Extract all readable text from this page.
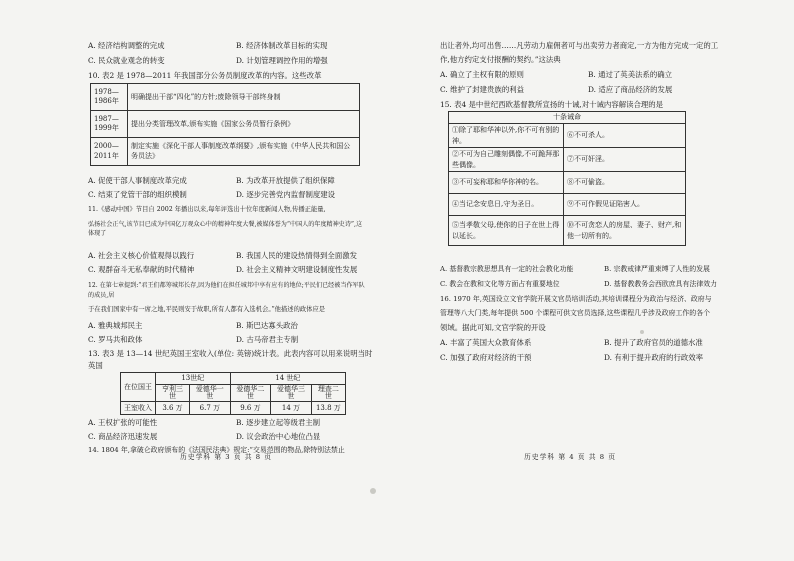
A. 经济结构调整的完成	B. 经济体制改革目标的实现
C. 民众就业观念的转变	D. 计划管理调控作用的增强
10. 表2 是 1978—2011 年我国部分公务员制度改革的内容。这些改革
1978—1986年	明确提出干部“四化”的方针;废除领导干部终身制
1987—1999年	提出分类管理改革,颁布实施《国家公务员暂行条例》
2000—2011年	制定实施《深化干部人事制度改革纲要》,颁布实施《中华人民共和国公务员法》
A. 促使干部人事制度改革完成	B. 为改革开放提供了组织保障
C. 结束了党管干部的组织模制	D. 逐步完善党内监督制度建设
11.《感动中国》节目自 2002 年播出以来,每年评选出十位年度新闻人物,传播正能量,
弘扬社会正气,该节目已成为中国亿万观众心中的精神年度大餐,被媒体誉为“中国人的年度精神史诗”,这体现了
A. 社会主义核心价值观得以践行	B. 我国人民的建设热情得到全面激发
C. 观群奋斗无私奉献的时代精神	D. 社会主义精神文明建设制度性发展
12. 在第七章提到:“君王们都筹城邦长存,因为他们在担任城邦中享有应有的地位;平民们已经被当作军队的成员,居
于在我们国家中有一席之地,平民则安于故职,所有人都有入选机会。”他描述的政体应是
A. 雅典城邦民主	B. 斯巴达寡头政治
C. 罗马共和政体	D. 古马帝君主专制
13. 表3 是 13—14 世纪英国王室收入(单位: 英镑)统计表。此表内容可以用来说明当时
英国
在位国王	13世纪		14 世纪		
	亨利三世	爱德华一世	爱德华二世	爱德华三世	理查二世
王室收入	3.6 万	6.7 万	9.6 万	14 万	13.8 万
A. 王权扩张的可能性	B. 逐步建立起等级君主制
C. 商品经济迅速发展	D. 议会政治中心地位凸显
14. 1804 年,拿破仑政府颁布的《法国民法典》规定:“交易范围的物品,除特别法禁止
历史学科 第 3 页 共 8 页
出让者外,均可出售……凡劳动力雇佣者可与出卖劳力者商定,一方为他方完成一定的工
作,他方约定支付报酬的契约。”这法典
A. 确立了主权有限的原则	B. 通过了英美法系的确立
C. 维护了封建贵族的利益	D. 适应了商品经济的发展
15. 表4 是中世纪西欧基督教所宣扬的十诫,对十诫内容解读合理的是
十条诫命	
①除了耶和华神以外,你不可有别的神。	⑥不可杀人。
②不可为自己雕刻偶像,不可跪拜那些偶像。	⑦不可奸淫。
③不可妄称耶和华你神的名。	⑧不可偷盗。
④当记念安息日,守为圣日。	⑨不可作假见证陷害人。
⑤当孝敬父母,使你的日子在世上得以延长。	⑩不可贪恋人的房屋、妻子、财产,和他一切所有的。
A. 基督教宗教思想具有一定的社会教化功能	B. 宗教戒律严重束缚了人性的发展
C. 教会在教和文化等方面占有重要地位	D. 基督教教务会西欧庶具有法律效力
16. 1970 年,英国设立文官学院开展文官员培训活动,其培训课程分为政治与经济、政府与
管理等八大门类,每年提供 500 个课程可供文官员选择,这些课程几乎涉及政府工作的各个
领域。据此可知,文官学院的开设
A. 丰富了英国大众教育体系	B. 提升了政府官员的道德水准
C. 加强了政府对经济的干预	D. 有利于提升政府的行政效率
历史学科 第 4 页 共 8 页
